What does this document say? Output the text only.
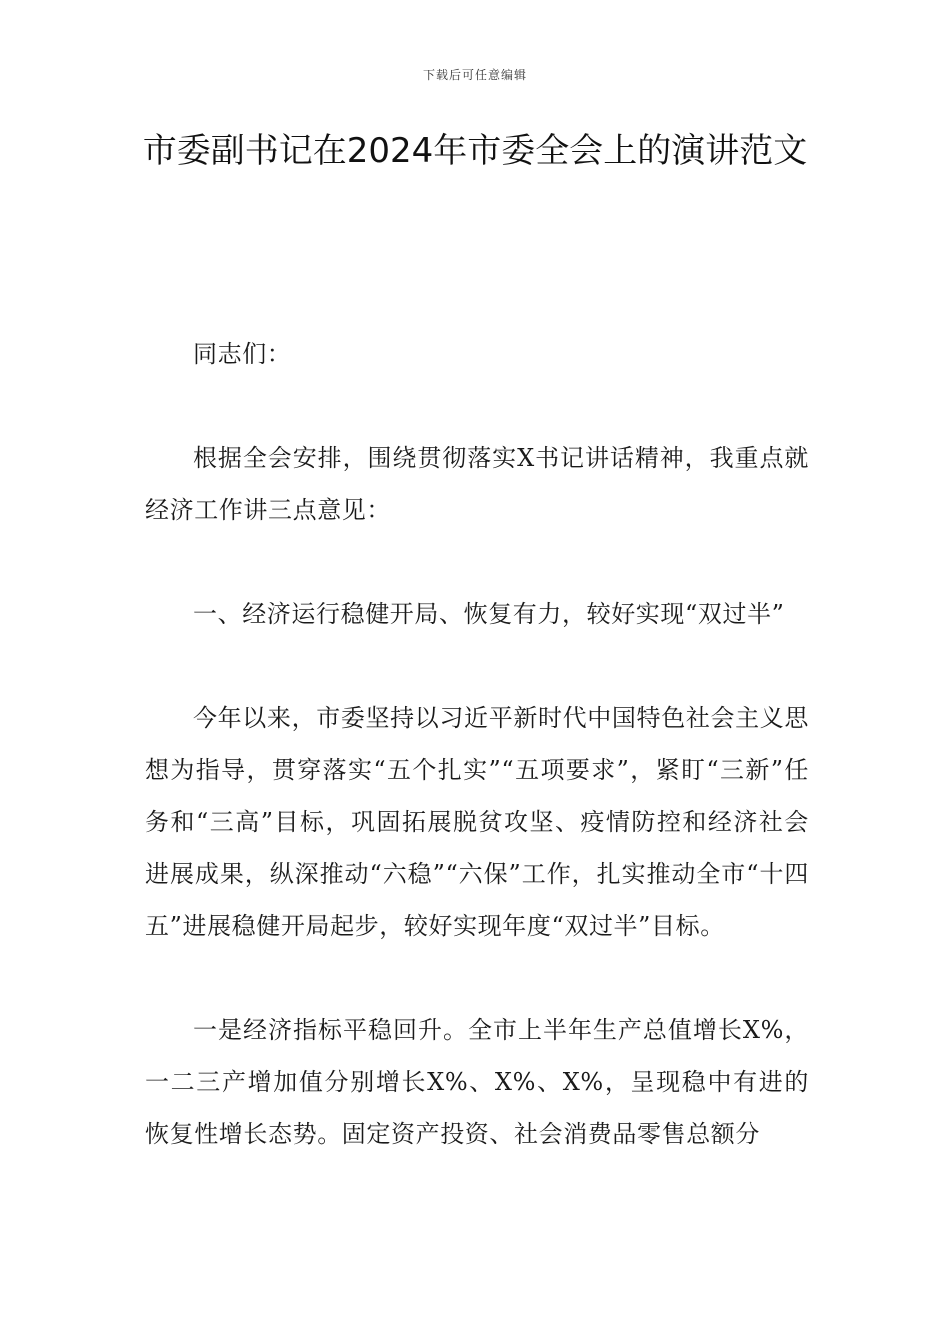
下载后可任意编辑
市委副书记在2024年市委全会上的演讲范文

同志们：

根据全会安排，围绕贯彻落实X书记讲话精神，我重点就经济工作讲三点意见：

一、经济运行稳健开局、恢复有力，较好实现“双过半”

今年以来，市委坚持以习近平新时代中国特色社会主义思想为指导，贯穿落实“五个扎实”“五项要求”，紧盯“三新”任务和“三高”目标，巩固拓展脱贫攻坚、疫情防控和经济社会进展成果，纵深推动“六稳”“六保”工作，扎实推动全市“十四五”进展稳健开局起步，较好实现年度“双过半”目标。

一是经济指标平稳回升。全市上半年生产总值增长X%，一二三产增加值分别增长X%、X%、X%，呈现稳中有进的恢复性增长态势。固定资产投资、社会消费品零售总额分
